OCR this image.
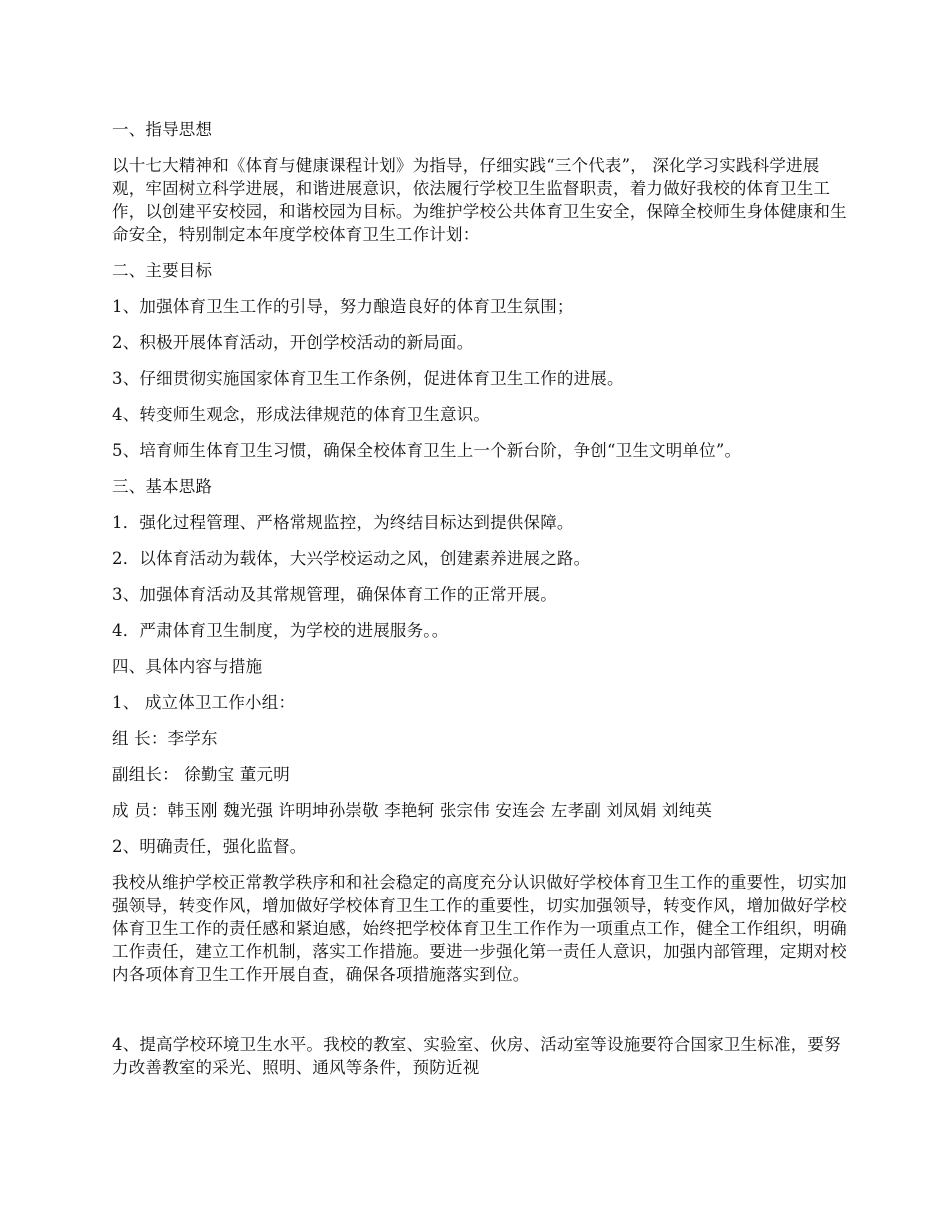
一、指导思想

以十七大精神和《体育与健康课程计划》为指导，仔细实践“三个代表”， 深化学习实践科学进展观，牢固树立科学进展，和谐进展意识，依法履行学校卫生监督职责，着力做好我校的体育卫生工作，以创建平安校园，和谐校园为目标。为维护学校公共体育卫生安全，保障全校师生身体健康和生命安全，特别制定本年度学校体育卫生工作计划：

二、主要目标

1、加强体育卫生工作的引导，努力酿造良好的体育卫生氛围；

2、积极开展体育活动，开创学校活动的新局面。

3、仔细贯彻实施国家体育卫生工作条例，促进体育卫生工作的进展。

4、转变师生观念，形成法律规范的体育卫生意识。

5、培育师生体育卫生习惯，确保全校体育卫生上一个新台阶，争创“卫生文明单位”。

三、基本思路

1．强化过程管理、严格常规监控，为终结目标达到提供保障。

2．以体育活动为载体，大兴学校运动之风，创建素养进展之路。

3、加强体育活动及其常规管理，确保体育工作的正常开展。

4．严肃体育卫生制度，为学校的进展服务。。

四、具体内容与措施

1、 成立体卫工作小组：

组 长：李学东

副组长： 徐勤宝 董元明

成 员：韩玉刚 魏光强 许明坤孙崇敬 李艳轲 张宗伟 安连会 左孝副 刘凤娟 刘纯英

2、明确责任，强化监督。

我校从维护学校正常教学秩序和和社会稳定的高度充分认识做好学校体育卫生工作的重要性，切实加强领导，转变作风，增加做好学校体育卫生工作的重要性，切实加强领导，转变作风，增加做好学校体育卫生工作的责任感和紧迫感，始终把学校体育卫生工作作为一项重点工作，健全工作组织，明确工作责任，建立工作机制，落实工作措施。要进一步强化第一责任人意识，加强内部管理，定期对校内各项体育卫生工作开展自查，确保各项措施落实到位。

4、提高学校环境卫生水平。我校的教室、实验室、伙房、活动室等设施要符合国家卫生标准，要努力改善教室的采光、照明、通风等条件，预防近视
